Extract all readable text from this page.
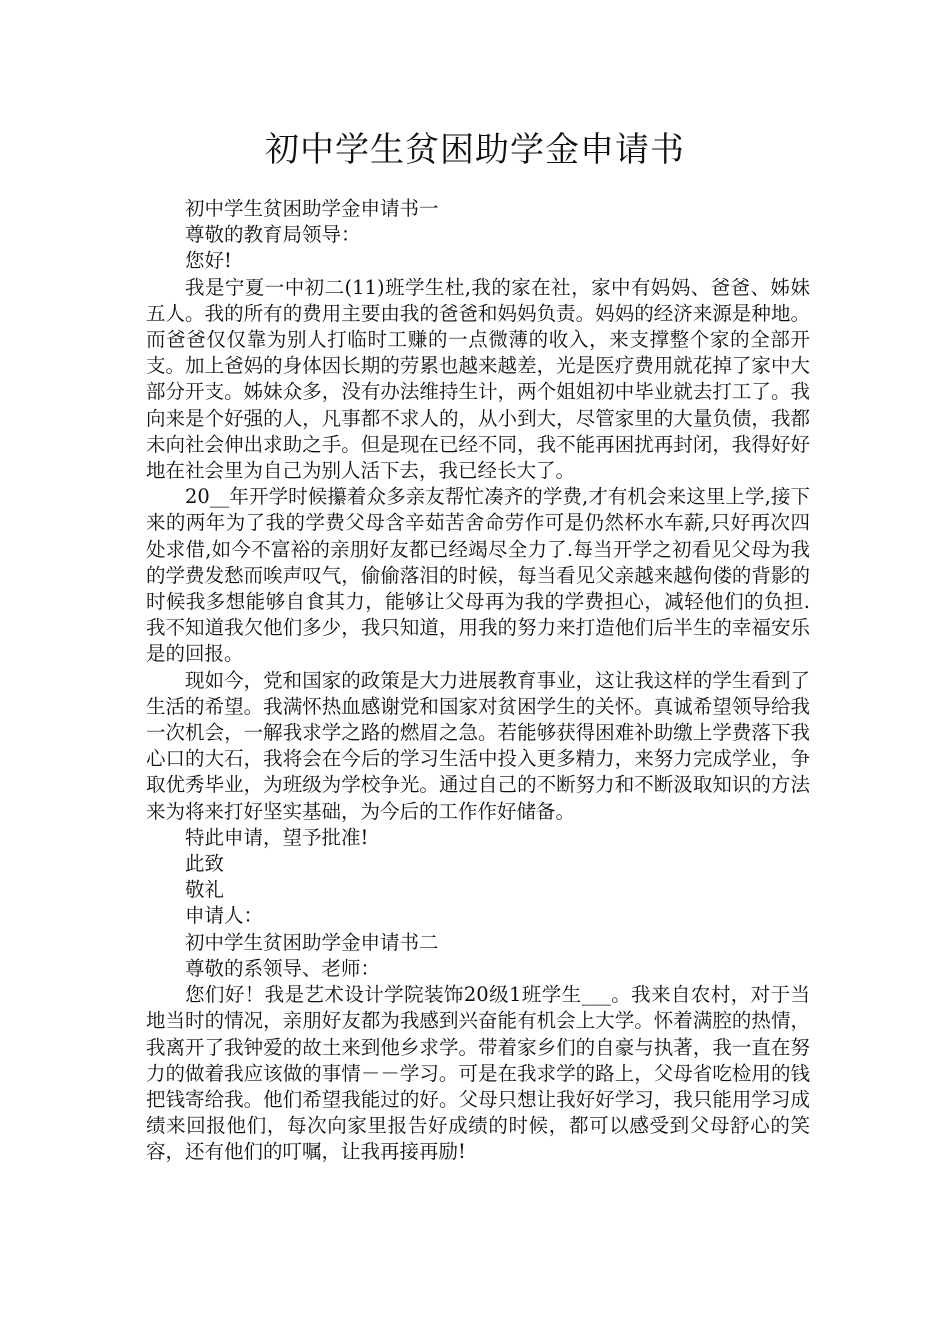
初中学生贫困助学金申请书

初中学生贫困助学金申请书一

尊敬的教育局领导：

您好!

我是宁夏一中初二(11)班学生杜,我的家在社，家中有妈妈、爸爸、姊妹五人。我的所有的费用主要由我的爸爸和妈妈负责。妈妈的经济来源是种地。而爸爸仅仅靠为别人打临时工赚的一点微薄的收入，来支撑整个家的全部开支。加上爸妈的身体因长期的劳累也越来越差，光是医疗费用就花掉了家中大部分开支。姊妹众多，没有办法维持生计，两个姐姐初中毕业就去打工了。我向来是个好强的人，凡事都不求人的，从小到大，尽管家里的大量负债，我都未向社会伸出求助之手。但是现在已经不同，我不能再困扰再封闭，我得好好地在社会里为自己为别人活下去，我已经长大了。

20__年开学时候攥着众多亲友帮忙凑齐的学费,才有机会来这里上学,接下来的两年为了我的学费父母含辛茹苦舍命劳作可是仍然杯水车薪,只好再次四处求借,如今不富裕的亲朋好友都已经竭尽全力了.每当开学之初看见父母为我的学费发愁而唉声叹气，偷偷落泪的时候，每当看见父亲越来越佝偻的背影的时候我多想能够自食其力，能够让父母再为我的学费担心，减轻他们的负担.我不知道我欠他们多少，我只知道，用我的努力来打造他们后半生的幸福安乐是的回报。

现如今，党和国家的政策是大力进展教育事业，这让我这样的学生看到了生活的希望。我满怀热血感谢党和国家对贫困学生的关怀。真诚希望领导给我一次机会，一解我求学之路的燃眉之急。若能够获得困难补助缴上学费落下我心口的大石，我将会在今后的学习生活中投入更多精力，来努力完成学业，争取优秀毕业，为班级为学校争光。通过自己的不断努力和不断汲取知识的方法来为将来打好坚实基础，为今后的工作作好储备。

特此申请，望予批准!

此致

敬礼

申请人：

初中学生贫困助学金申请书二

尊敬的系领导、老师：

您们好！我是艺术设计学院装饰20级1班学生___。我来自农村，对于当地当时的情况，亲朋好友都为我感到兴奋能有机会上大学。怀着满腔的热情，我离开了我钟爱的故土来到他乡求学。带着家乡们的自豪与执著，我一直在努力的做着我应该做的事情－－学习。可是在我求学的路上，父母省吃检用的钱把钱寄给我。他们希望我能过的好。父母只想让我好好学习，我只能用学习成绩来回报他们，每次向家里报告好成绩的时候，都可以感受到父母舒心的笑容，还有他们的叮嘱，让我再接再励!
